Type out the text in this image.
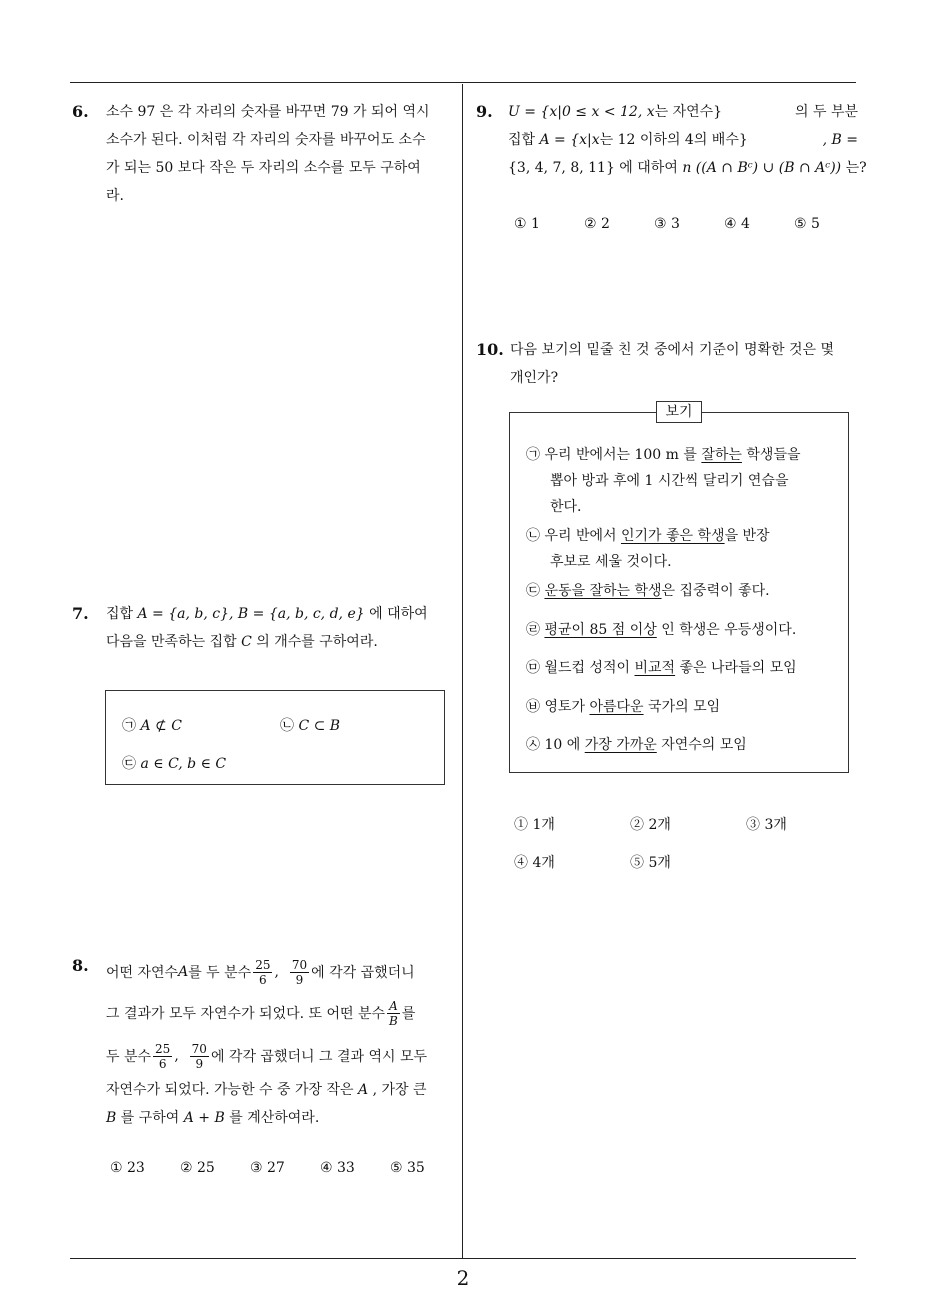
6. 소수 97 은 각 자리의 숫자를 바꾸면 79 가 되어 역시
소수가 된다. 이처럼 각 자리의 숫자를 바꾸어도 소수
가 되는 50 보다 작은 두 자리의 소수를 모두 구하여
라.
7. 집합 A = {a, b, c}, B = {a, b, c, d, e} 에 대하여
다음을 만족하는 집합 C 의 개수를 구하여라.
㉠ A ⊄ C	㉡ C ⊂ B
㉢ a ∈ C, b ∈ C
8. 어떤 자연수 A 를 두 분수 $\frac{25}{6}$ , $\frac{70}{9}$ 에 각각 곱했더니
그 결과가 모두 자연수가 되었다. 또 어떤 분수 $\frac{A}{B}$ 를
두 분수 $\frac{25}{6}$ , $\frac{70}{9}$ 에 각각 곱했더니 그 결과 역시 모두
자연수가 되었다. 가능한 수 중 가장 작은 A , 가장 큰
B 를 구하여 A + B 를 계산하여라.
① 23	② 25	③ 27	④ 33	⑤ 35
9. U = {x|0 ≤ x < 12, x는 자연수}	의 두 부분
집합 A = {x|x는 12 이하의 4의 배수}	, B =
{3, 4, 7, 8, 11} 에 대하여 n ((A ∩ Bᶜ) ∪ (B ∩ Aᶜ)) 는?
① 1	② 2	③ 3	④ 4	⑤ 5
10. 다음 보기의 밑줄 친 것 중에서 기준이 명확한 것은 몇
개인가?
보기
㉠ 우리 반에서는 100 m 를 잘하는 학생들을
뽑아 방과 후에 1 시간씩 달리기 연습을
한다.
㉡ 우리 반에서 인기가 좋은 학생을 반장
후보로 세울 것이다.
㉢ 운동을 잘하는 학생은 집중력이 좋다.
㉣ 평균이 85 점 이상 인 학생은 우등생이다.
㉤ 월드컵 성적이 비교적 좋은 나라들의 모임
㉥ 영토가 아름다운 국가의 모임
㉦ 10 에 가장 가까운 자연수의 모임
① 1개	② 2개	③ 3개
④ 4개	⑤ 5개
2
